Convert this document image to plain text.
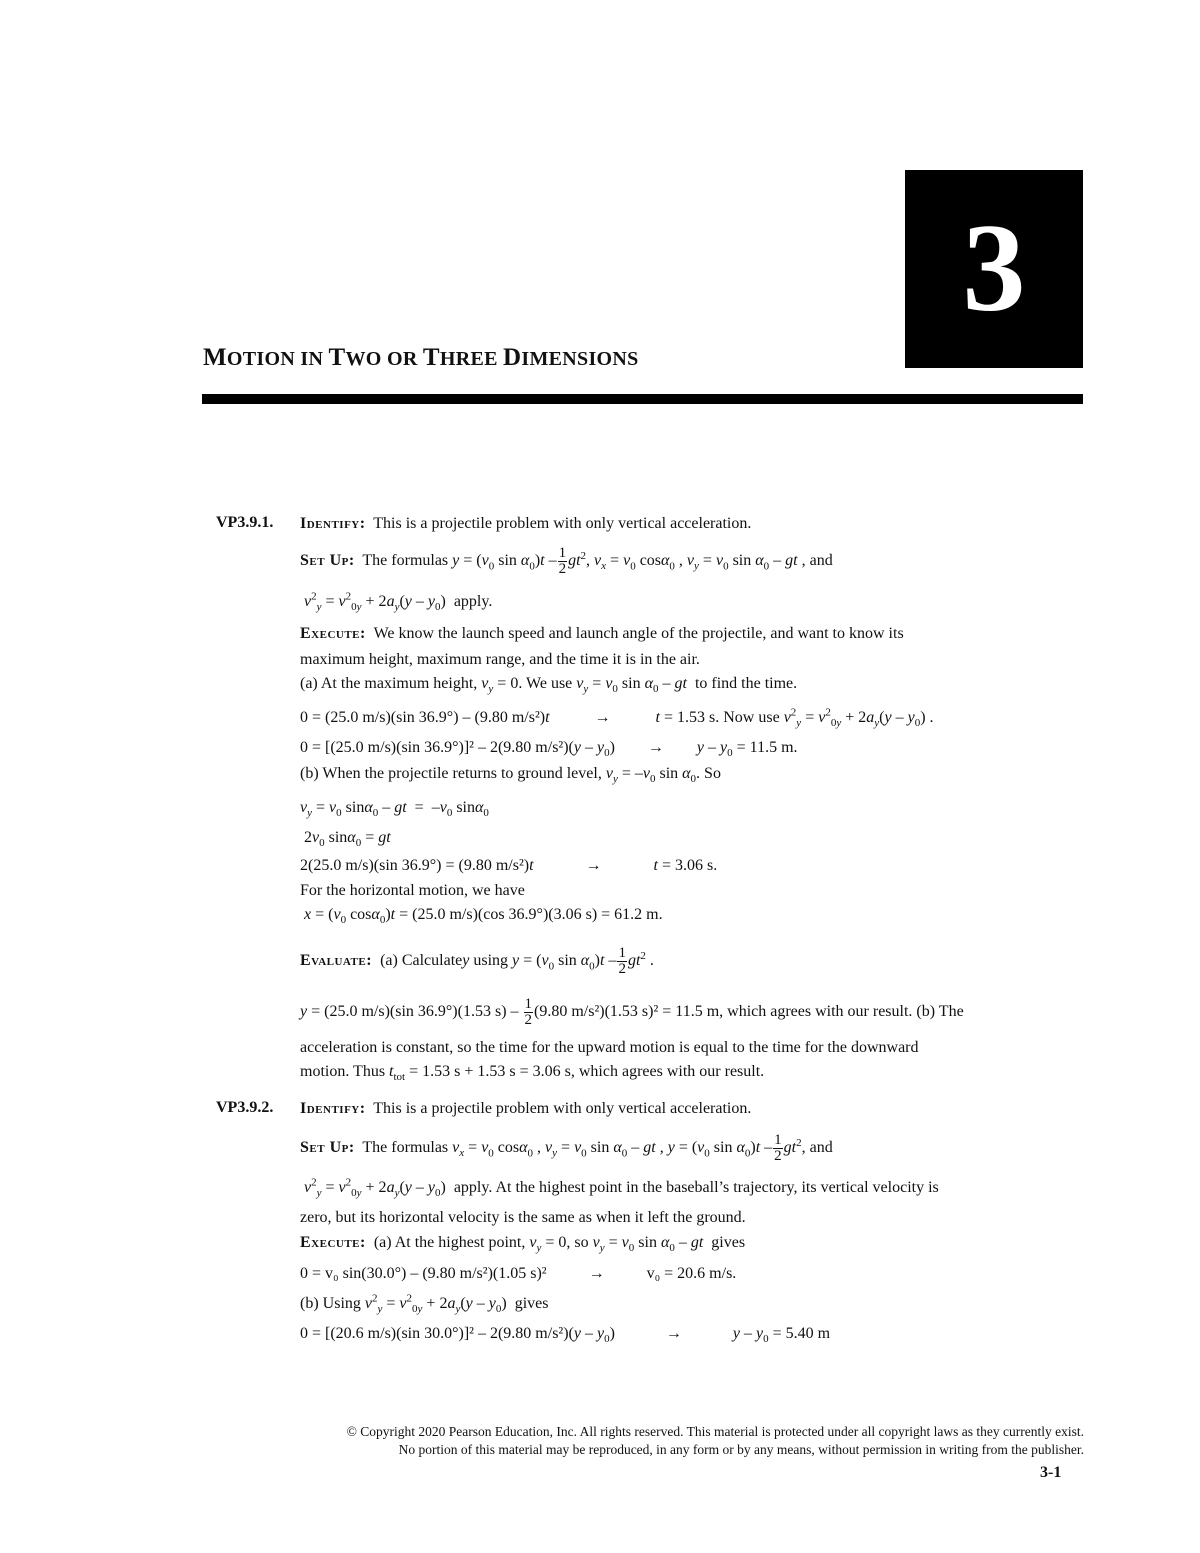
3
MOTION IN TWO OR THREE DIMENSIONS
VP3.9.1. Identify: This is a projectile problem with only vertical acceleration.
Set Up: The formulas $y = (v_0$ $\sin \alpha_0)t - \frac{1}{2} gt^2$, $v_x = v_0$ cosα$_0$ , $v_y = v_0$ $\sin \alpha_0$ – gt , and
$v^2_y = v^2_{0y} + 2a_y(y - y_0)$  apply.
Execute: We know the launch speed and launch angle of the projectile, and want to know its
maximum height, maximum range, and the time it is in the air.
(a) At the maximum height, $v_y = 0$. We use $v_y = v_0$ $\sin \alpha_0$ – gt to find the time.
0 = (25.0 m/s)(sin 36.9°) – (9.80 m/s²)t	→	t = 1.53 s. Now use $v^2_y = v^2_{0y} + 2a_y(y - y_0)$ .
0 = [(25.0 m/s)(sin 36.9°)]² – 2(9.80 $m/s^2)(y - y_0) \to y - y_0 = 11.5$ m.
(b) When the projectile returns to ground level, $v_y = -v_0$ $\sin \alpha_0$. So
$v_y = v_0$ sinα$_0$ – gt  =  $-v_0$ sinα$_0$
$2v_0$ sinα$_0$ = gt
2(25.0 m/s)(sin 36.9°) = (9.80 m/s²)t	→	t = 3.06 s.
For the horizontal motion, we have
$x = (v_0$ cosα$_0$)t = (25.0 m/s)(cos 36.9°)(3.06 s) = 61.2 m.
Evaluate: (a) Calculatey using $y = (v_0$ $\sin \alpha_0)t - \frac{1}{2} gt^2$ .
y = (25.0 m/s)(sin 36.9°)(1.53 $s) - \frac{1}{2} (9.80$ m/s²)(1.53 s)² = 11.5 m, which agrees with our result. (b) The
acceleration is constant, so the time for the upward motion is equal to the time for the downward
motion. Thus $t_{tot} = 1.53$ s + 1.53 s = 3.06 s, which agrees with our result.
VP3.9.2. Identify: This is a projectile problem with only vertical acceleration.
Set Up: The formulas $v_x = v_0$ cosα$_0$ , $v_y = v_0$ $\sin \alpha_0$ – gt , $y = (v_0$ $\sin \alpha_0)t - \frac{1}{2} gt^2$, and
$v^2_y = v^2_{0y} + 2a_y(y - y_0)$  apply. At the highest point in the baseball’s trajectory, its vertical velocity is
zero, but its horizontal velocity is the same as when it left the ground.
Execute: (a) At the highest point, $v_y = 0$, so $v_y = v_0$ $\sin \alpha_0$ – gt gives
0 = v₀ sin(30.0°) – (9.80 m/s²)(1.05 s)²	→	v₀ = 20.6 m/s.
(b) Using $v^2_y = v^2_{0y} + 2a_y(y - y_0)$  gives
0 = [(20.6 m/s)(sin 30.0°)]² – 2(9.80 $m/s^2)(y - y_0)$	→	$y - y_0 = 5.40$ m
© Copyright 2020 Pearson Education, Inc. All rights reserved. This material is protected under all copyright laws as they currently exist.
No portion of this material may be reproduced, in any form or by any means, without permission in writing from the publisher.
3-1
